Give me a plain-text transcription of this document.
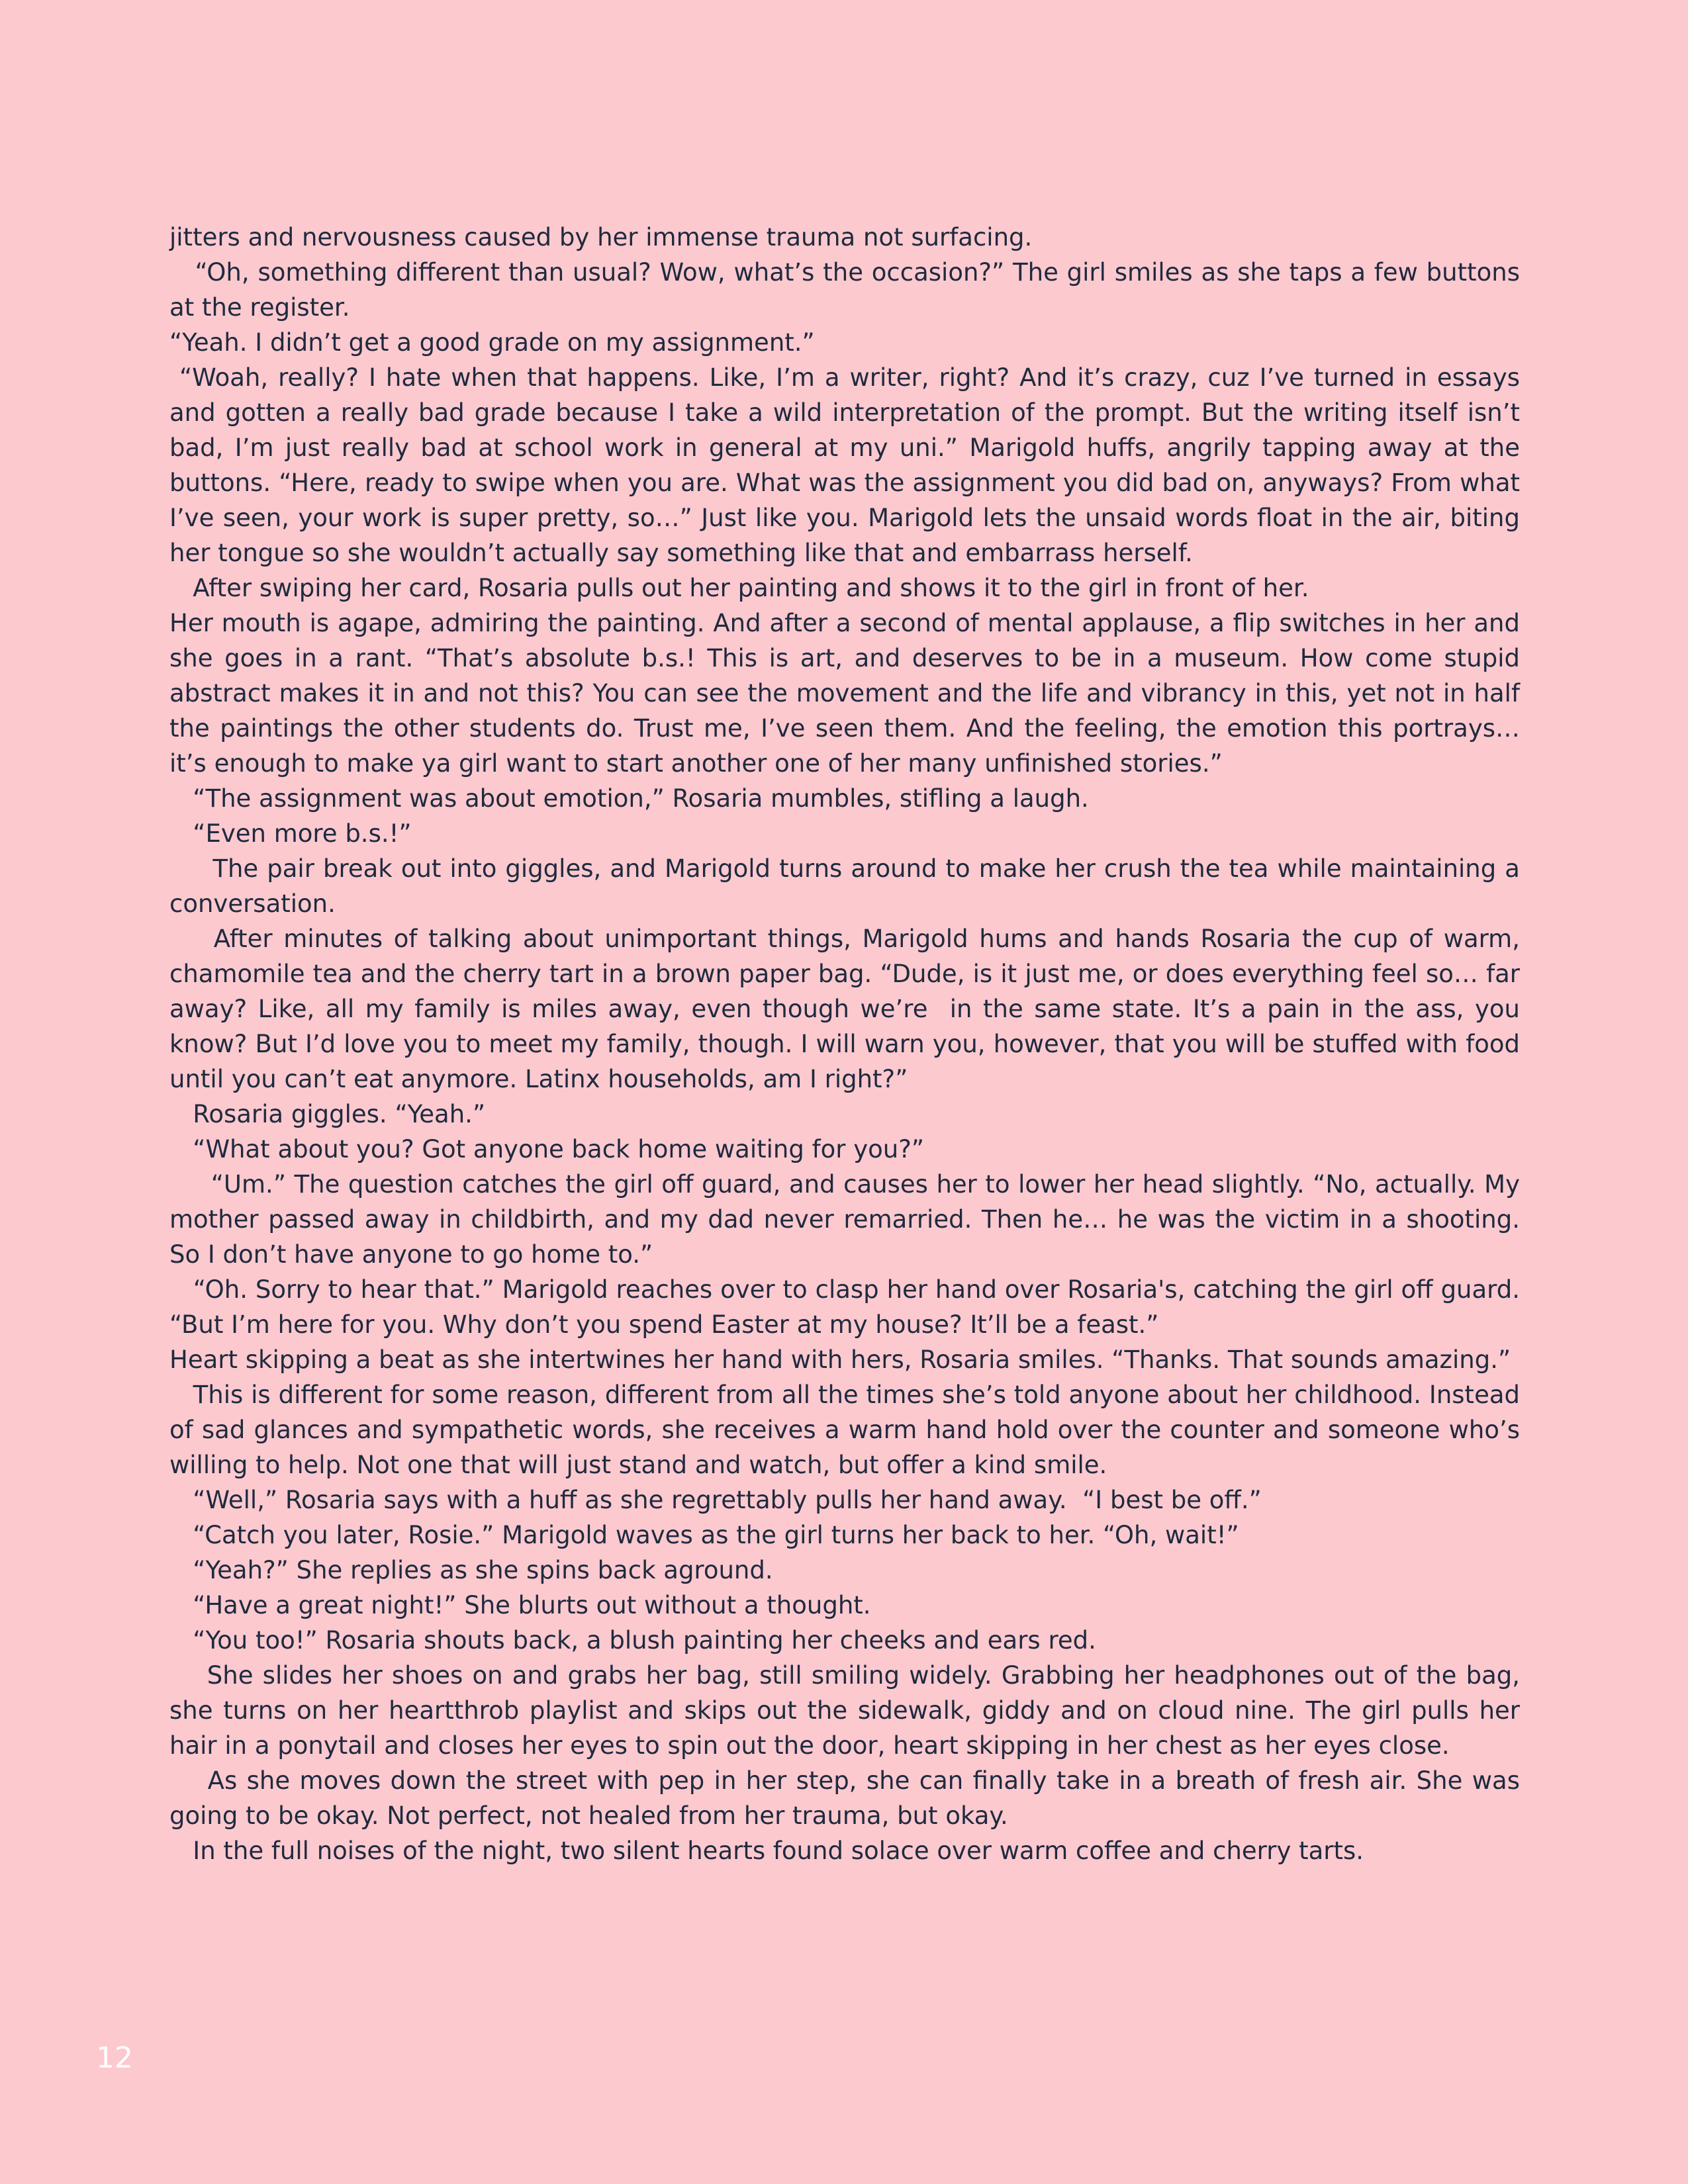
jitters and nervousness caused by her immense trauma not surfacing.

“Oh, something different than usual? Wow, what’s the occasion?” The girl smiles as she taps a few buttons at the register.

“Yeah. I didn’t get a good grade on my assignment.”

“Woah, really? I hate when that happens. Like, I’m a writer, right? And it’s crazy, cuz I’ve turned in essays and gotten a really bad grade because I take a wild interpretation of the prompt. But the writing itself isn’t bad, I’m just really bad at school work in general at my uni.” Marigold huffs, angrily tapping away at the buttons. “Here, ready to swipe when you are. What was the assignment you did bad on, anyways? From what I’ve seen, your work is super pretty, so…” Just like you. Marigold lets the unsaid words float in the air, biting her tongue so she wouldn’t actually say something like that and embarrass herself.

After swiping her card, Rosaria pulls out her painting and shows it to the girl in front of her.

Her mouth is agape, admiring the painting. And after a second of mental applause, a flip switches in her and she goes in a rant. “That’s absolute b.s.! This is art, and deserves to be in a museum. How come stupid abstract makes it in and not this? You can see the movement and the life and vibrancy in this, yet not in half the paintings the other students do. Trust me, I’ve seen them. And the feeling, the emotion this portrays… it’s enough to make ya girl want to start another one of her many unfinished stories.”

“The assignment was about emotion,” Rosaria mumbles, stifling a laugh.

“Even more b.s.!”

The pair break out into giggles, and Marigold turns around to make her crush the tea while maintaining a conversation.

After minutes of talking about unimportant things, Marigold hums and hands Rosaria the cup of warm, chamomile tea and the cherry tart in a brown paper bag. “Dude, is it just me, or does everything feel so… far away? Like, all my family is miles away, even though we’re  in the same state. It’s a pain in the ass, you know? But I’d love you to meet my family, though. I will warn you, however, that you will be stuffed with food until you can’t eat anymore. Latinx households, am I right?”

Rosaria giggles. “Yeah.”

“What about you? Got anyone back home waiting for you?”

“Um.” The question catches the girl off guard, and causes her to lower her head slightly. “No, actually. My mother passed away in childbirth, and my dad never remarried. Then he… he was the victim in a shooting. So I don’t have anyone to go home to.”

“Oh. Sorry to hear that.” Marigold reaches over to clasp her hand over Rosaria's, catching the girl off guard. “But I’m here for you. Why don’t you spend Easter at my house? It’ll be a feast.”

Heart skipping a beat as she intertwines her hand with hers, Rosaria smiles. “Thanks. That sounds amazing.”

This is different for some reason, different from all the times she’s told anyone about her childhood. Instead of sad glances and sympathetic words, she receives a warm hand hold over the counter and someone who’s willing to help. Not one that will just stand and watch, but offer a kind smile.

“Well,” Rosaria says with a huff as she regrettably pulls her hand away.  “I best be off.”

“Catch you later, Rosie.” Marigold waves as the girl turns her back to her. “Oh, wait!”

“Yeah?” She replies as she spins back aground.

“Have a great night!” She blurts out without a thought.

“You too!” Rosaria shouts back, a blush painting her cheeks and ears red.

She slides her shoes on and grabs her bag, still smiling widely. Grabbing her headphones out of the bag, she turns on her heartthrob playlist and skips out the sidewalk, giddy and on cloud nine. The girl pulls her hair in a ponytail and closes her eyes to spin out the door, heart skipping in her chest as her eyes close.

As she moves down the street with pep in her step, she can finally take in a breath of fresh air. She was going to be okay. Not perfect, not healed from her trauma, but okay.

In the full noises of the night, two silent hearts found solace over warm coffee and cherry tarts.

12
